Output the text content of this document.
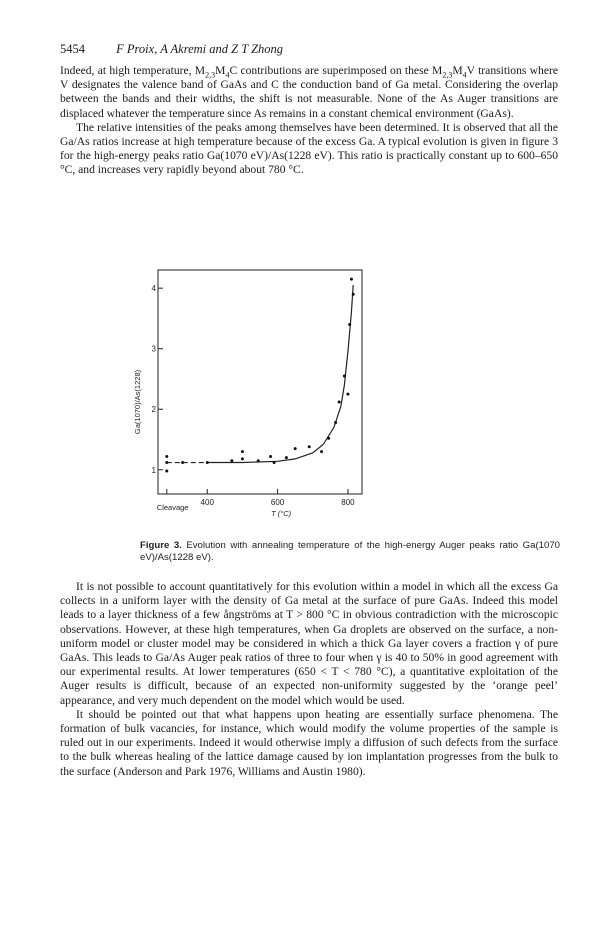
5454 F Proix, A Akremi and Z T Zhong

Indeed, at high temperature, $M_{2,3}M_4C$ contributions are superimposed on these $M_{2,3}M_4V$ transitions where V designates the valence band of GaAs and C the conduction band of Ga metal. Considering the overlap between the bands and their widths, the shift is not measurable. None of the As Auger transitions are displaced whatever the temperature since As remains in a constant chemical environment (GaAs).

The relative intensities of the peaks among themselves have been determined. It is observed that all the Ga/As ratios increase at high temperature because of the excess Ga. A typical evolution is given in figure 3 for the high-energy peaks ratio Ga(1070 eV)/As(1228 eV). This ratio is practically constant up to 600–650 °C, and increases very rapidly beyond about 780 °C.

400	600	800
1
2
3
4
Cleavage
T (°C)
Ga(1070)/As(1228)
Figure 3. Evolution with annealing temperature of the high-energy Auger peaks ratio Ga(1070 eV)/As(1228 eV).

It is not possible to account quantitatively for this evolution within a model in which all the excess Ga collects in a uniform layer with the density of Ga metal at the surface of pure GaAs. Indeed this model leads to a layer thickness of a few ångströms at T > 800 °C in obvious contradiction with the microscopic observations. However, at these high temperatures, when Ga droplets are observed on the surface, a non-uniform model or cluster model may be considered in which a thick Ga layer covers a fraction γ of pure GaAs. This leads to Ga/As Auger peak ratios of three to four when γ is 40 to 50% in good agreement with our experimental results. At lower temperatures (650 < T < 780 °C), a quantitative exploitation of the Auger results is difficult, because of an expected non-uniformity suggested by the ‘orange peel’ appearance, and very much dependent on the model which would be used.

It should be pointed out that what happens upon heating are essentially surface phenomena. The formation of bulk vacancies, for instance, which would modify the volume properties of the sample is ruled out in our experiments. Indeed it would otherwise imply a diffusion of such defects from the surface to the bulk whereas healing of the lattice damage caused by ion implantation progresses from the bulk to the surface (Anderson and Park 1976, Williams and Austin 1980).
